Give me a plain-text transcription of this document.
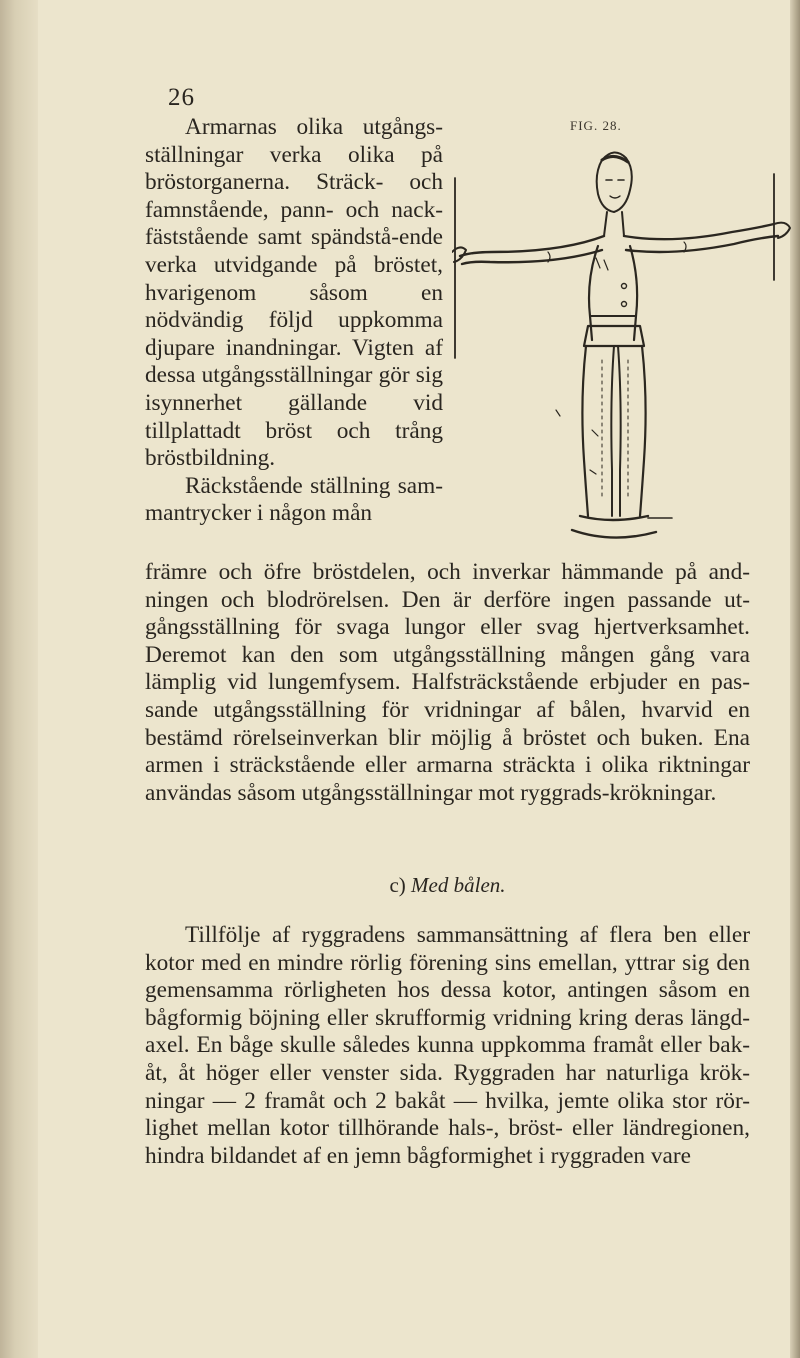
26
FIG. 28.

Armarnas olika utgångs-ställningar verka olika på bröstorganerna. Sträck- och famnstående, pann- och nack-fäststående samt spändstå-ende verka utvidgande på bröstet, hvarigenom såsom en nödvändig följd uppkomma djupare inandningar. Vigten af dessa utgångsställningar gör sig isynnerhet gällande vid tillplattadt bröst och trång bröstbildning.

Räckstående ställning sam-mantrycker i någon mån

främre och öfre bröstdelen, och inverkar hämmande på and-ningen och blodrörelsen. Den är derföre ingen passande ut-gångsställning för svaga lungor eller svag hjertverksamhet. Deremot kan den som utgångsställning mången gång vara lämplig vid lungemfysem. Halfsträckstående erbjuder en pas-sande utgångsställning för vridningar af bålen, hvarvid en bestämd rörelseinverkan blir möjlig å bröstet och buken. Ena armen i sträckstående eller armarna sträckta i olika riktningar användas såsom utgångsställningar mot ryggrads-krökningar.

c) Med bålen.

Tillfölje af ryggradens sammansättning af flera ben eller kotor med en mindre rörlig förening sins emellan, yttrar sig den gemensamma rörligheten hos dessa kotor, antingen såsom en bågformig böjning eller skrufformig vridning kring deras längd-axel. En båge skulle således kunna uppkomma framåt eller bak-åt, åt höger eller venster sida. Ryggraden har naturliga krök-ningar — 2 framåt och 2 bakåt — hvilka, jemte olika stor rör-lighet mellan kotor tillhörande hals-, bröst- eller ländregionen, hindra bildandet af en jemn bågformighet i ryggraden vare
